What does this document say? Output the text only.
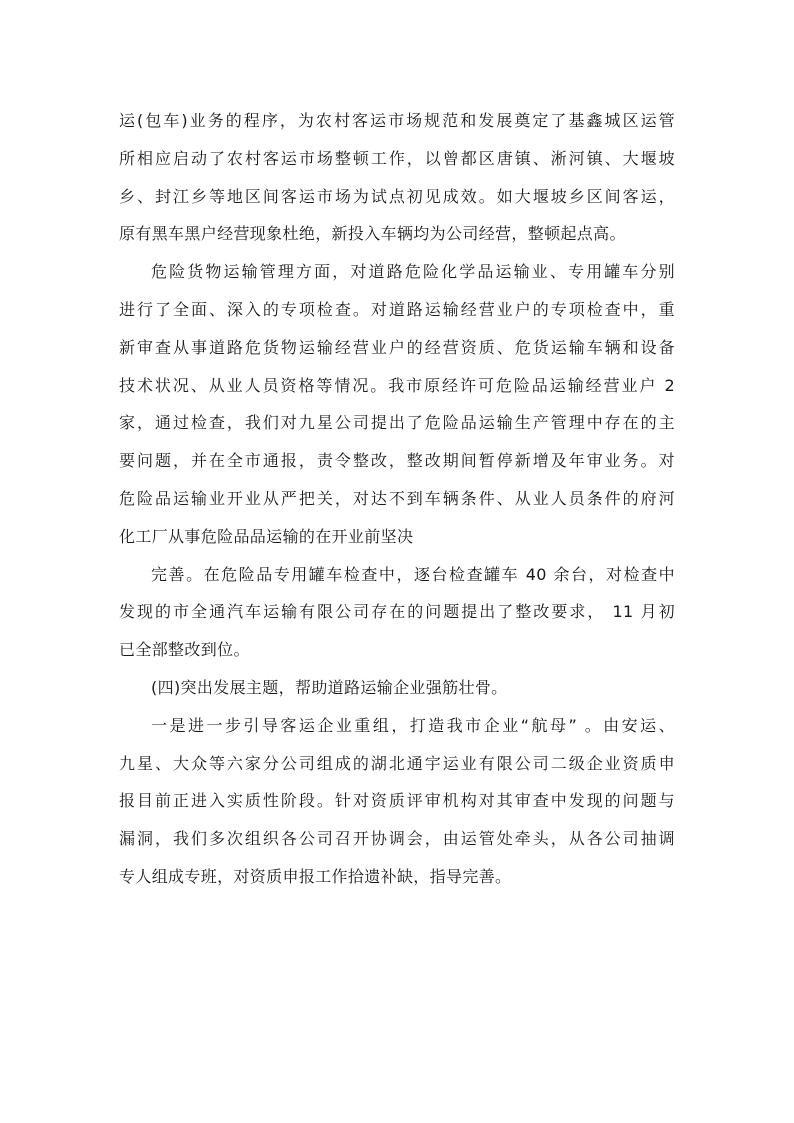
运(包车)业务的程序，为农村客运市场规范和发展奠定了基鑫城区运管
所相应启动了农村客运市场整顿工作，以曾都区唐镇、淅河镇、大堰坡
乡、封江乡等地区间客运市场为试点初见成效。如大堰坡乡区间客运，
原有黑车黑户经营现象杜绝，新投入车辆均为公司经营，整顿起点高。
危险货物运输管理方面，对道路危险化学品运输业、专用罐车分别
进行了全面、深入的专项检查。对道路运输经营业户的专项检查中，重
新审查从事道路危货物运输经营业户的经营资质、危货运输车辆和设备
技术状况、从业人员资格等情况。我市原经许可危险品运输经营业户 2
家，通过检查，我们对九星公司提出了危险品运输生产管理中存在的主
要问题，并在全市通报，责令整改，整改期间暂停新增及年审业务。对
危险品运输业开业从严把关，对达不到车辆条件、从业人员条件的府河
化工厂从事危险品品运输的在开业前坚决
完善。在危险品专用罐车检查中，逐台检查罐车 40 余台，对检查中
发现的市全通汽车运输有限公司存在的问题提出了整改要求， 11 月初
已全部整改到位。
(四)突出发展主题，帮助道路运输企业强筋壮骨。
一是进一步引导客运企业重组，打造我市企业“航母” 。由安运、
九星、大众等六家分公司组成的湖北通宇运业有限公司二级企业资质申
报目前正进入实质性阶段。针对资质评审机构对其审查中发现的问题与
漏洞，我们多次组织各公司召开协调会，由运管处牵头，从各公司抽调
专人组成专班，对资质申报工作拾遗补缺，指导完善。
